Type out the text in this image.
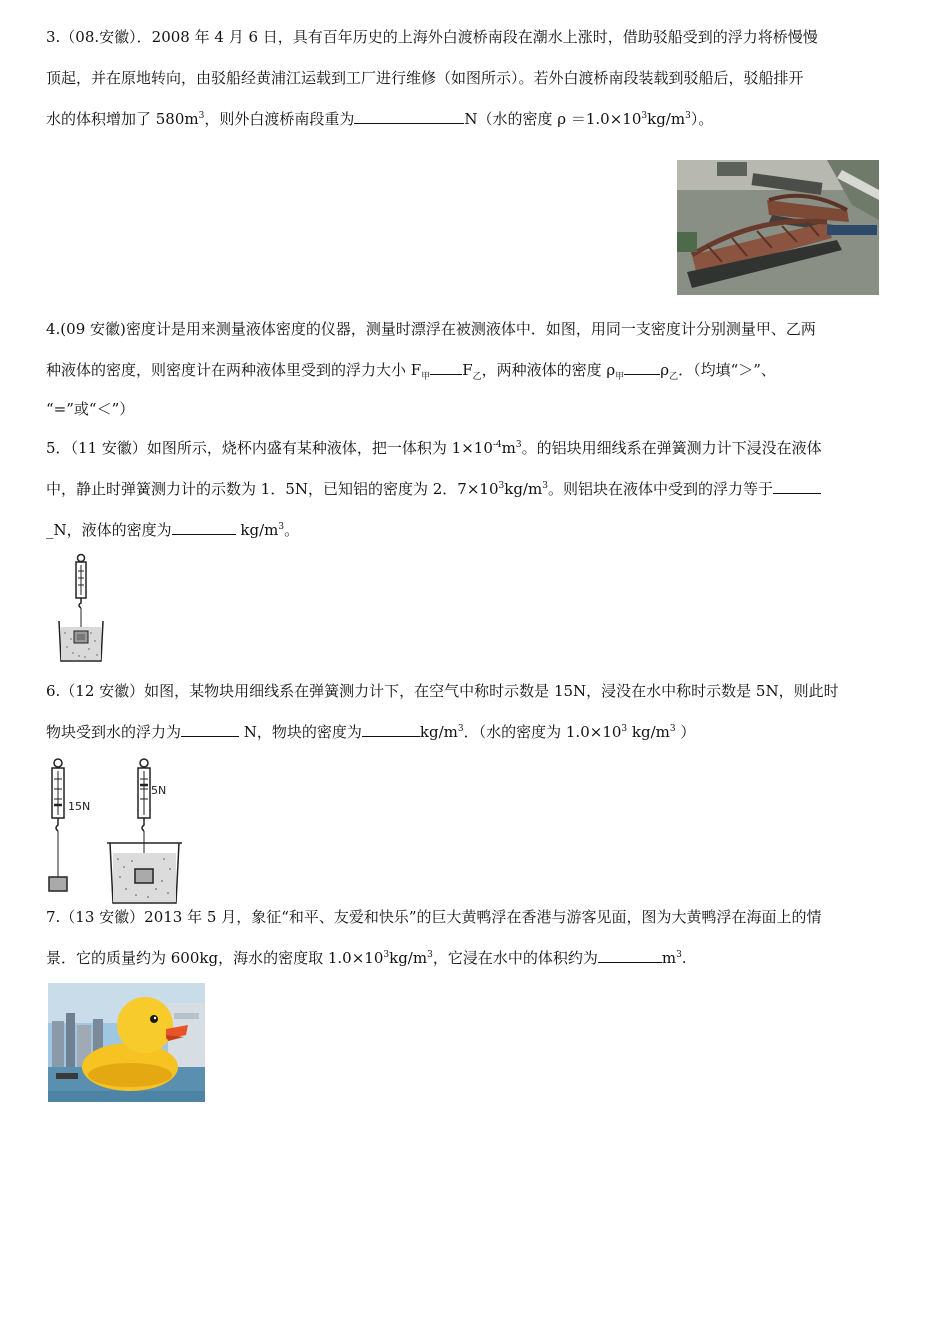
3.（08.安徽）．2008 年 4 月 6 日，具有百年历史的上海外白渡桥南段在潮水上涨时，借助驳船受到的浮力将桥慢慢

顶起，并在原地转向，由驳船经黄浦江运载到工厂进行维修（如图所示）。若外白渡桥南段装载到驳船后，驳船排开

水的体积增加了 $580m^3$，则外白渡桥南段重为	N（水的密度 $\rho =1.0\times 10^3kg/m^3$）。

4.(09 安徽)密度计是用来测量液体密度的仪器，测量时漂浮在被测液体中．如图，用同一支密度计分别测量甲、乙两

种液体的密度，则密度计在两种液体里受到的浮力大小 $F_甲$ $F_乙$，两种液体的密度 $\rho_甲$ $\rho_乙$．（均填“＞”、

“=”或“＜”）

5．（11 安徽）如图所示，烧杯内盛有某种液体，把一体积为 $1\times 10^{-4}m^3$。的铝块用细线系在弹簧测力计下浸没在液体

中，静止时弹簧测力计的示数为 1．5N，已知铝的密度为 2．$7\times 10^3kg/m^3$。则铝块在液体中受到的浮力等于

_N，液体的密度为	$kg/m^3$。

6.（12 安徽）如图，某物块用细线系在弹簧测力计下，在空气中称时示数是 15N，浸没在水中称时示数是 5N，则此时

物块受到水的浮力为	N，物块的密度为	$kg/m^3$．（水的密度为 $1.0\times 10^3$ $kg/m^3$ ）

15N
5N

7.（13 安徽）2013 年 5 月，象征“和平、友爱和快乐”的巨大黄鸭浮在香港与游客见面，图为大黄鸭浮在海面上的情

景．它的质量约为 600kg，海水的密度取 $1.0\times 10^3kg/m^3$，它浸在水中的体积约为	$m^3$.
